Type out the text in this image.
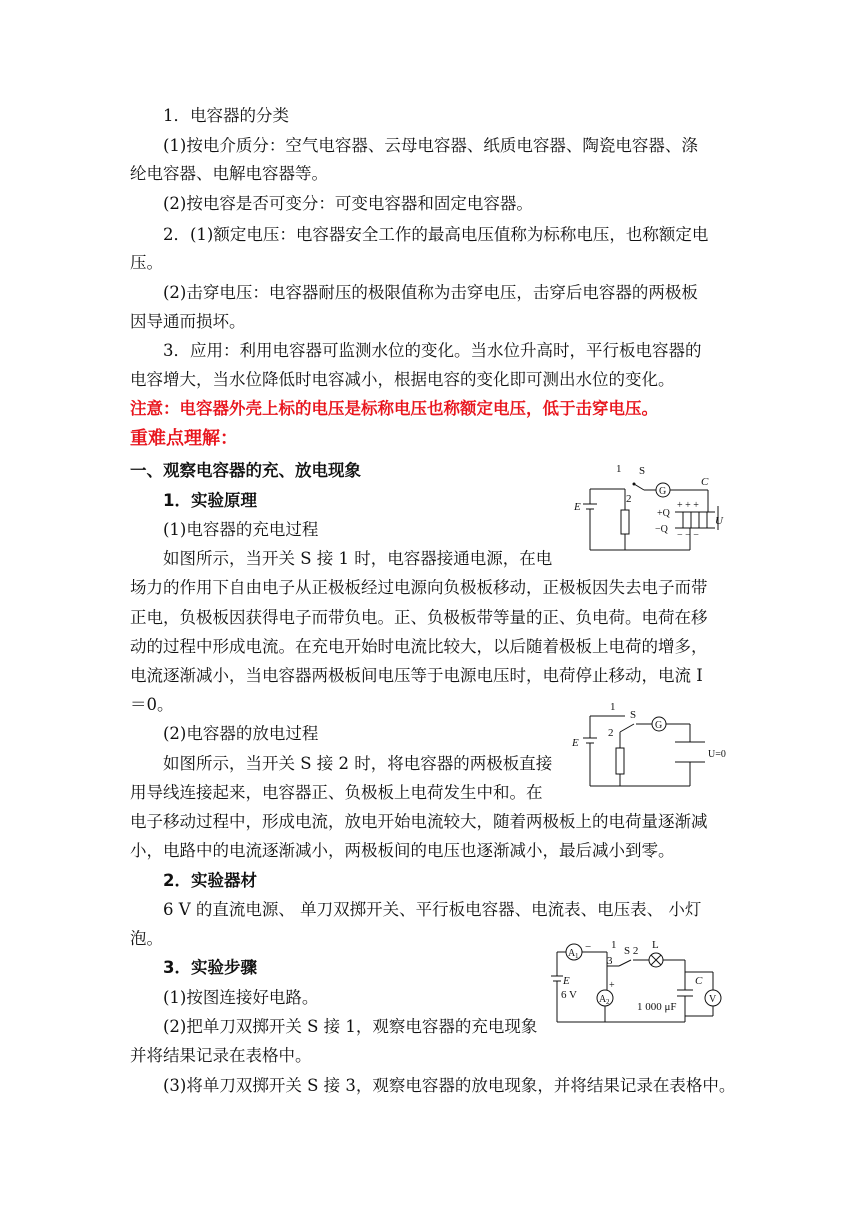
1．电容器的分类
(1)按电介质分：空气电容器、云母电容器、纸质电容器、陶瓷电容器、涤
纶电容器、电解电容器等。
(2)按电容是否可变分：可变电容器和固定电容器。
2．(1)额定电压：电容器安全工作的最高电压值称为标称电压，也称额定电
压。
(2)击穿电压：电容器耐压的极限值称为击穿电压，击穿后电容器的两极板
因导通而损坏。
3．应用：利用电容器可监测水位的变化。当水位升高时，平行板电容器的
电容增大，当水位降低时电容减小，根据电容的变化即可测出水位的变化。
注意：电容器外壳上标的电压是标称电压也称额定电压，低于击穿电压。
重难点理解：
一、观察电容器的充、放电现象
1．实验原理
(1)电容器的充电过程
如图所示，当开关 S 接 1 时，电容器接通电源，在电
场力的作用下自由电子从正极板经过电源向负极板移动，正极板因失去电子而带
正电，负极板因获得电子而带负电。正、负极板带等量的正、负电荷。电荷在移
动的过程中形成电流。在充电开始时电流比较大，以后随着极板上电荷的增多，
电流逐渐减小，当电容器两极板间电压等于电源电压时，电荷停止移动，电流 I
＝0。
(2)电容器的放电过程
如图所示，当开关 S 接 2 时，将电容器的两极板直接
用导线连接起来，电容器正、负极板上电荷发生中和。在
电子移动过程中，形成电流，放电开始电流较大，随着两极板上的电荷量逐渐减
小，电路中的电流逐渐减小，两极板间的电压也逐渐减小，最后减小到零。
2．实验器材
6 V 的直流电源、 单刀双掷开关、平行板电容器、电流表、电压表、 小灯
泡。
3．实验步骤
(1)按图连接好电路。
(2)把单刀双掷开关 S 接 1，观察电容器的充电现象
并将结果记录在表格中。
(3)将单刀双掷开关 S 接 3，观察电容器的放电现象，并将结果记录在表格中。
1 S
G
C
2
E	+ + +
+Q
−Q
− − −
U
1
S
G
2
E
U=0
A 1
− 1 S 2 L
3
E
6 V A 2
+	C
1 000 μF
V
